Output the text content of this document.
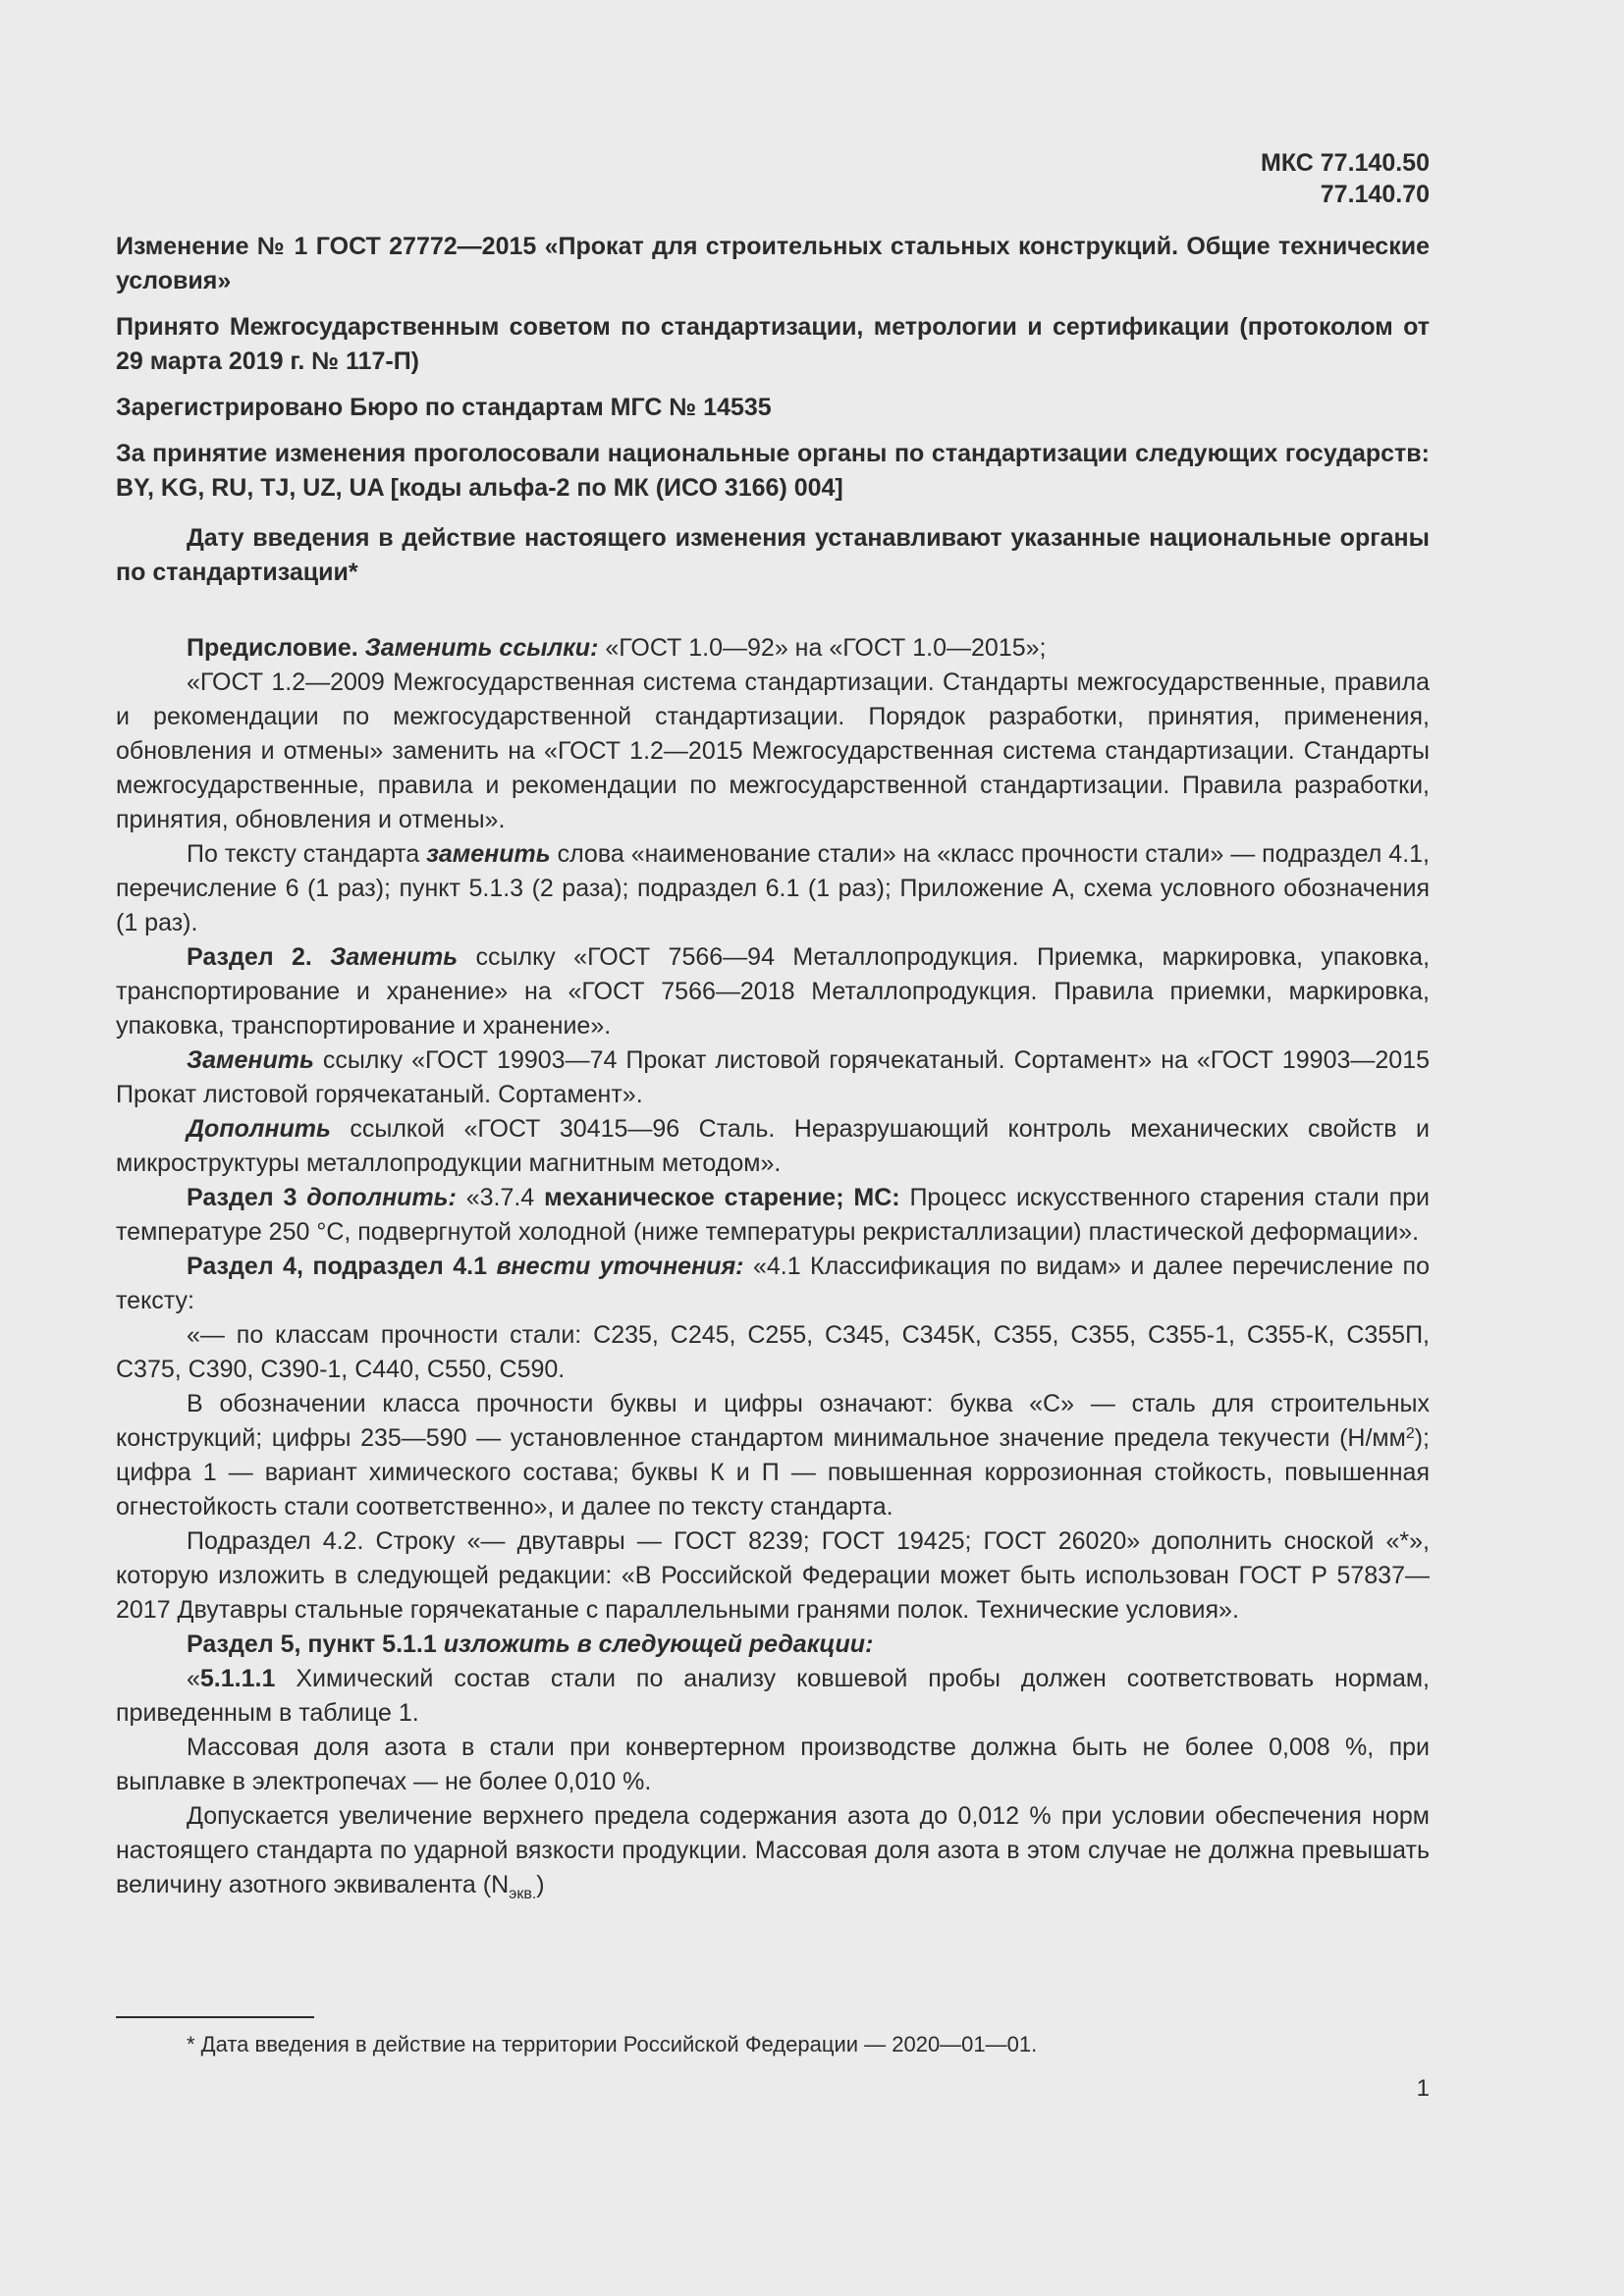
МКС 77.140.50
77.140.70
Изменение № 1 ГОСТ 27772—2015 «Прокат для строительных стальных конструкций. Общие технические условия»
Принято Межгосударственным советом по стандартизации, метрологии и сертификации (протоколом от 29 марта 2019 г. № 117-П)
Зарегистрировано Бюро по стандартам МГС № 14535
За принятие изменения проголосовали национальные органы по стандартизации следующих государств: BY, KG, RU, TJ, UZ, UA [коды альфа-2 по МК (ИСО 3166) 004]
Дату введения в действие настоящего изменения устанавливают указанные национальные органы по стандартизации*

Предисловие. Заменить ссылки: «ГОСТ 1.0—92» на «ГОСТ 1.0—2015»;

«ГОСТ 1.2—2009 Межгосударственная система стандартизации. Стандарты межгосударственные, правила и рекомендации по межгосударственной стандартизации. Порядок разработки, принятия, применения, обновления и отмены» заменить на «ГОСТ 1.2—2015 Межгосударственная система стандартизации. Стандарты межгосударственные, правила и рекомендации по межгосударственной стандартизации. Правила разработки, принятия, обновления и отмены».

По тексту стандарта заменить слова «наименование стали» на «класс прочности стали» — подраздел 4.1, перечисление 6 (1 раз); пункт 5.1.3 (2 раза); подраздел 6.1 (1 раз); Приложение А, схема условного обозначения (1 раз).

Раздел 2. Заменить ссылку «ГОСТ 7566—94 Металлопродукция. Приемка, маркировка, упаковка, транспортирование и хранение» на «ГОСТ 7566—2018 Металлопродукция. Правила приемки, маркировка, упаковка, транспортирование и хранение».

Заменить ссылку «ГОСТ 19903—74 Прокат листовой горячекатаный. Сортамент» на «ГОСТ 19903—2015 Прокат листовой горячекатаный. Сортамент».

Дополнить ссылкой «ГОСТ 30415—96 Сталь. Неразрушающий контроль механических свойств и микроструктуры металлопродукции магнитным методом».

Раздел 3 дополнить: «3.7.4 механическое старение; МС: Процесс искусственного старения стали при температуре 250 °С, подвергнутой холодной (ниже температуры рекристаллизации) пластической деформации».

Раздел 4, подраздел 4.1 внести уточнения: «4.1 Классификация по видам» и далее перечисление по тексту:

«— по классам прочности стали: С235, С245, С255, С345, С345К, С355, С355, С355-1, С355-К, С355П, С375, С390, С390-1, С440, С550, С590.

В обозначении класса прочности буквы и цифры означают: буква «С» — сталь для строительных конструкций; цифры 235—590 — установленное стандартом минимальное значение предела текучести $(Н/мм^2)$; цифра 1 — вариант химического состава; буквы К и П — повышенная коррозионная стойкость, повышенная огнестойкость стали соответственно», и далее по тексту стандарта.

Подраздел 4.2. Строку «— двутавры — ГОСТ 8239; ГОСТ 19425; ГОСТ 26020» дополнить сноской «*», которую изложить в следующей редакции: «В Российской Федерации может быть использован ГОСТ Р 57837—2017 Двутавры стальные горячекатаные с параллельными гранями полок. Технические условия».

Раздел 5, пункт 5.1.1 изложить в следующей редакции:

«5.1.1.1 Химический состав стали по анализу ковшевой пробы должен соответствовать нормам, приведенным в таблице 1.

Массовая доля азота в стали при конвертерном производстве должна быть не более 0,008 %, при выплавке в электропечах — не более 0,010 %.

Допускается увеличение верхнего предела содержания азота до 0,012 % при условии обеспечения норм настоящего стандарта по ударной вязкости продукции. Массовая доля азота в этом случае не должна превышать величину азотного эквивалента $(N_{экв.})$

* Дата введения в действие на территории Российской Федерации — 2020—01—01.
1
